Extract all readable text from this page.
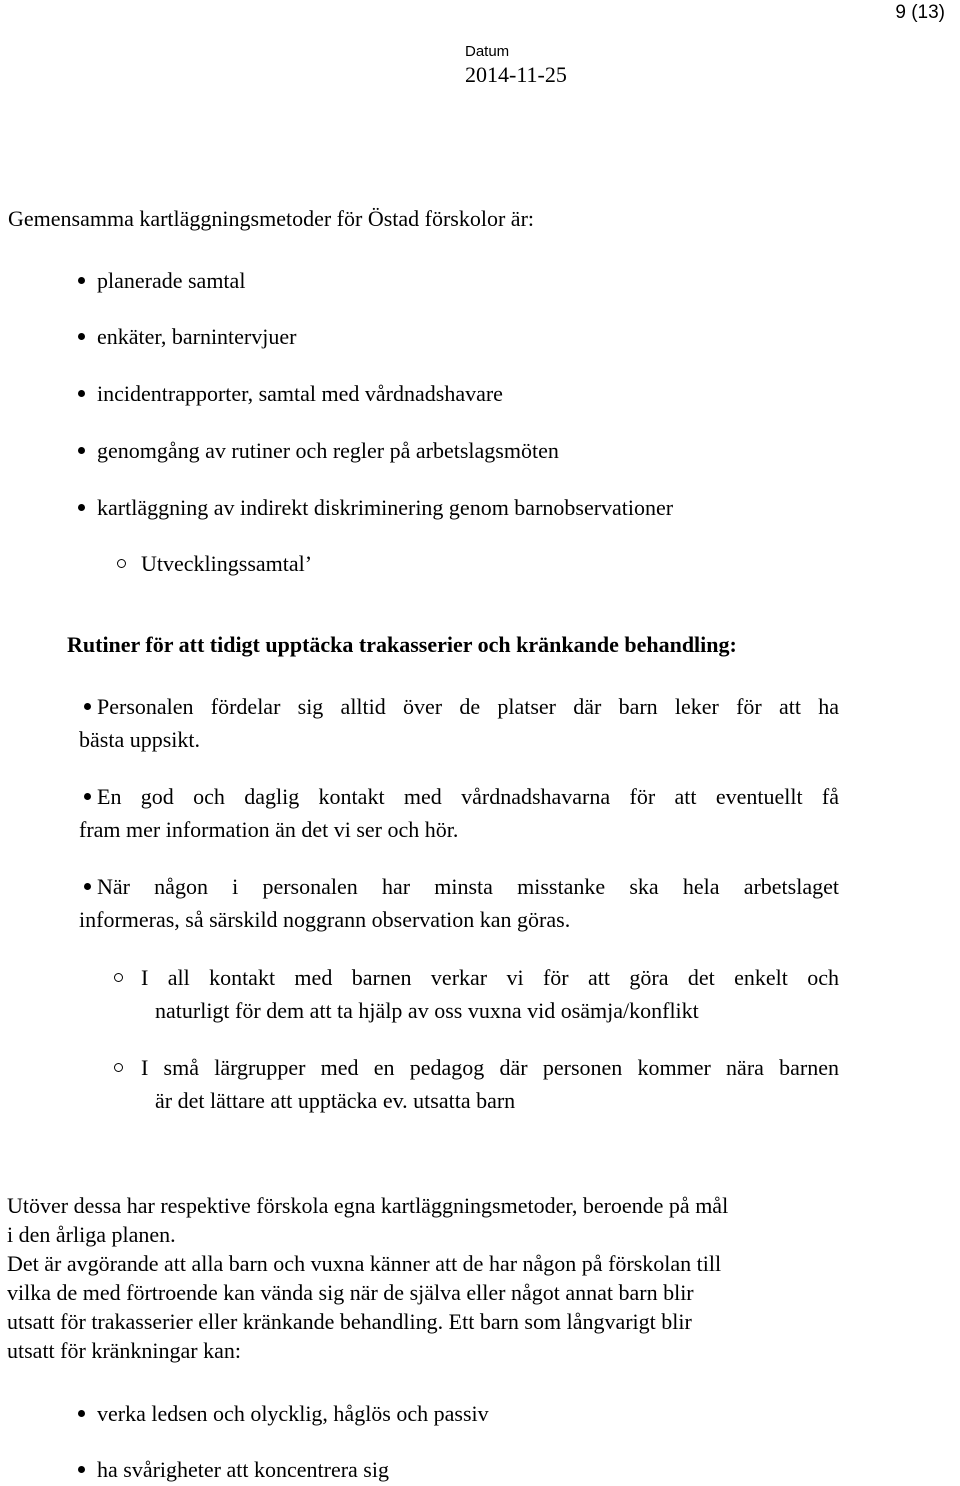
9 (13)
Datum
2014-11-25
Gemensamma kartläggningsmetoder för Östad förskolor är:
planerade samtal
enkäter, barnintervjuer
incidentrapporter, samtal med vårdnadshavare
genomgång av rutiner och regler på arbetslagsmöten
kartläggning av indirekt diskriminering genom barnobservationer
Utvecklingssamtal’
Rutiner för att tidigt upptäcka trakasserier och kränkande behandling:
Personalen fördelar sig alltid över de platser där barn leker för att ha
bästa uppsikt.
En god och daglig kontakt med vårdnadshavarna för att eventuellt få
fram mer information än det vi ser och hör.
När någon i personalen har minsta misstanke ska hela arbetslaget
informeras, så särskild noggrann observation kan göras.
I all kontakt med barnen verkar vi för att göra det enkelt och
naturligt för dem att ta hjälp av oss vuxna vid osämja/konflikt
I små lärgrupper med en pedagog där personen kommer nära barnen
är det lättare att upptäcka ev. utsatta barn
Utöver dessa har respektive förskola egna kartläggningsmetoder, beroende på mål
i den årliga planen.
Det är avgörande att alla barn och vuxna känner att de har någon på förskolan till
vilka de med förtroende kan vända sig när de själva eller något annat barn blir
utsatt för trakasserier eller kränkande behandling. Ett barn som långvarigt blir
utsatt för kränkningar kan:
verka ledsen och olycklig, håglös och passiv
ha svårigheter att koncentrera sig
